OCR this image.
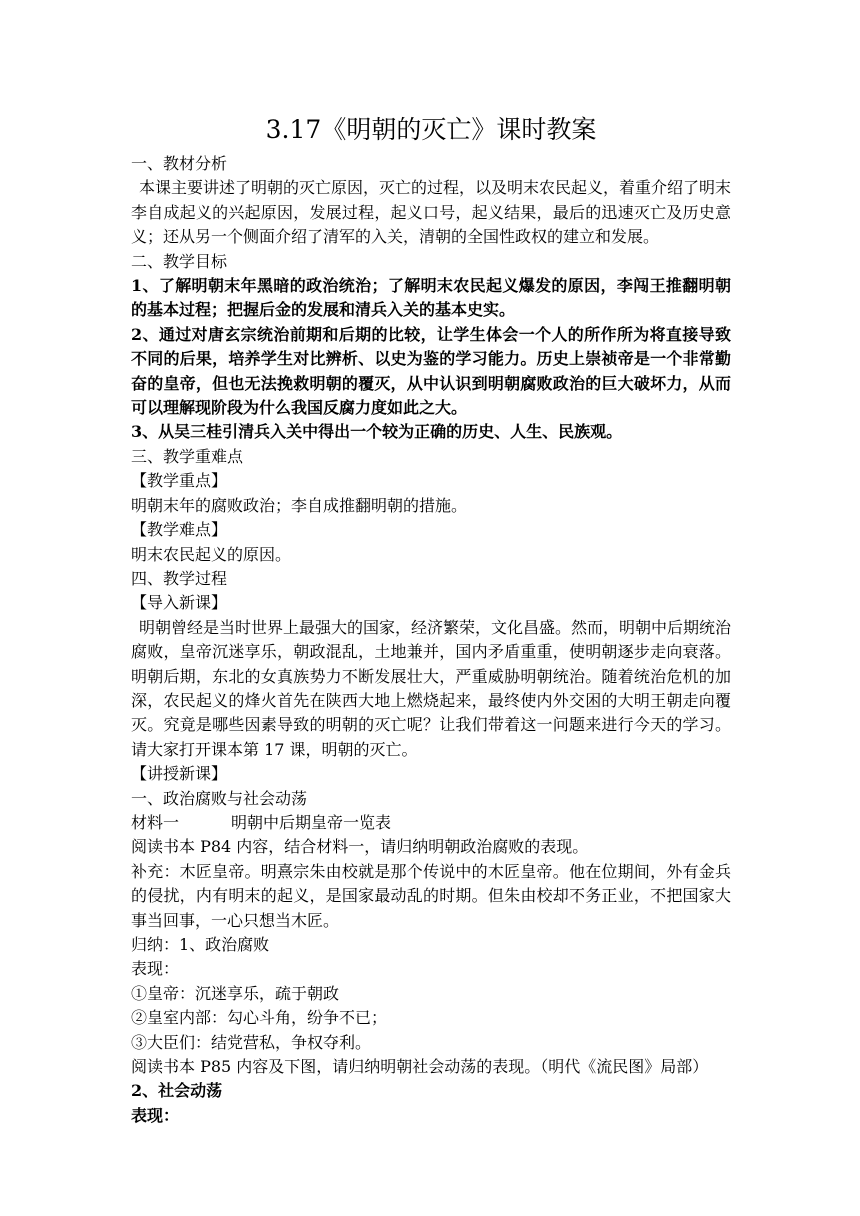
3.17《明朝的灭亡》课时教案

一、教材分析

本课主要讲述了明朝的灭亡原因，灭亡的过程，以及明末农民起义，着重介绍了明末李自成起义的兴起原因，发展过程，起义口号，起义结果，最后的迅速灭亡及历史意义；还从另一个侧面介绍了清军的入关，清朝的全国性政权的建立和发展。

二、教学目标

1、了解明朝末年黑暗的政治统治；了解明末农民起义爆发的原因，李闯王推翻明朝的基本过程；把握后金的发展和清兵入关的基本史实。

2、通过对唐玄宗统治前期和后期的比较，让学生体会一个人的所作所为将直接导致不同的后果，培养学生对比辨析、以史为鉴的学习能力。历史上崇祯帝是一个非常勤奋的皇帝，但也无法挽救明朝的覆灭，从中认识到明朝腐败政治的巨大破坏力，从而可以理解现阶段为什么我国反腐力度如此之大。

3、从吴三桂引清兵入关中得出一个较为正确的历史、人生、民族观。

三、教学重难点

【教学重点】

明朝末年的腐败政治；李自成推翻明朝的措施。

【教学难点】

明末农民起义的原因。

四、教学过程

【导入新课】

明朝曾经是当时世界上最强大的国家，经济繁荣，文化昌盛。然而，明朝中后期统治腐败，皇帝沉迷享乐，朝政混乱，土地兼并，国内矛盾重重，使明朝逐步走向衰落。明朝后期，东北的女真族势力不断发展壮大，严重威胁明朝统治。随着统治危机的加深，农民起义的烽火首先在陕西大地上燃烧起来，最终使内外交困的大明王朝走向覆灭。究竟是哪些因素导致的明朝的灭亡呢？让我们带着这一问题来进行今天的学习。请大家打开课本第 17 课，明朝的灭亡。

【讲授新课】

一、政治腐败与社会动荡

材料一	明朝中后期皇帝一览表

阅读书本 P84 内容，结合材料一，请归纳明朝政治腐败的表现。

补充：木匠皇帝。明熹宗朱由校就是那个传说中的木匠皇帝。他在位期间，外有金兵的侵扰，内有明末的起义，是国家最动乱的时期。但朱由校却不务正业，不把国家大事当回事，一心只想当木匠。

归纳：1、政治腐败

表现：

①皇帝：沉迷享乐，疏于朝政

②皇室内部：勾心斗角，纷争不已；

③大臣们：结党营私，争权夺利。

阅读书本 P85 内容及下图，请归纳明朝社会动荡的表现。（明代《流民图》局部）

2、社会动荡

表现：
